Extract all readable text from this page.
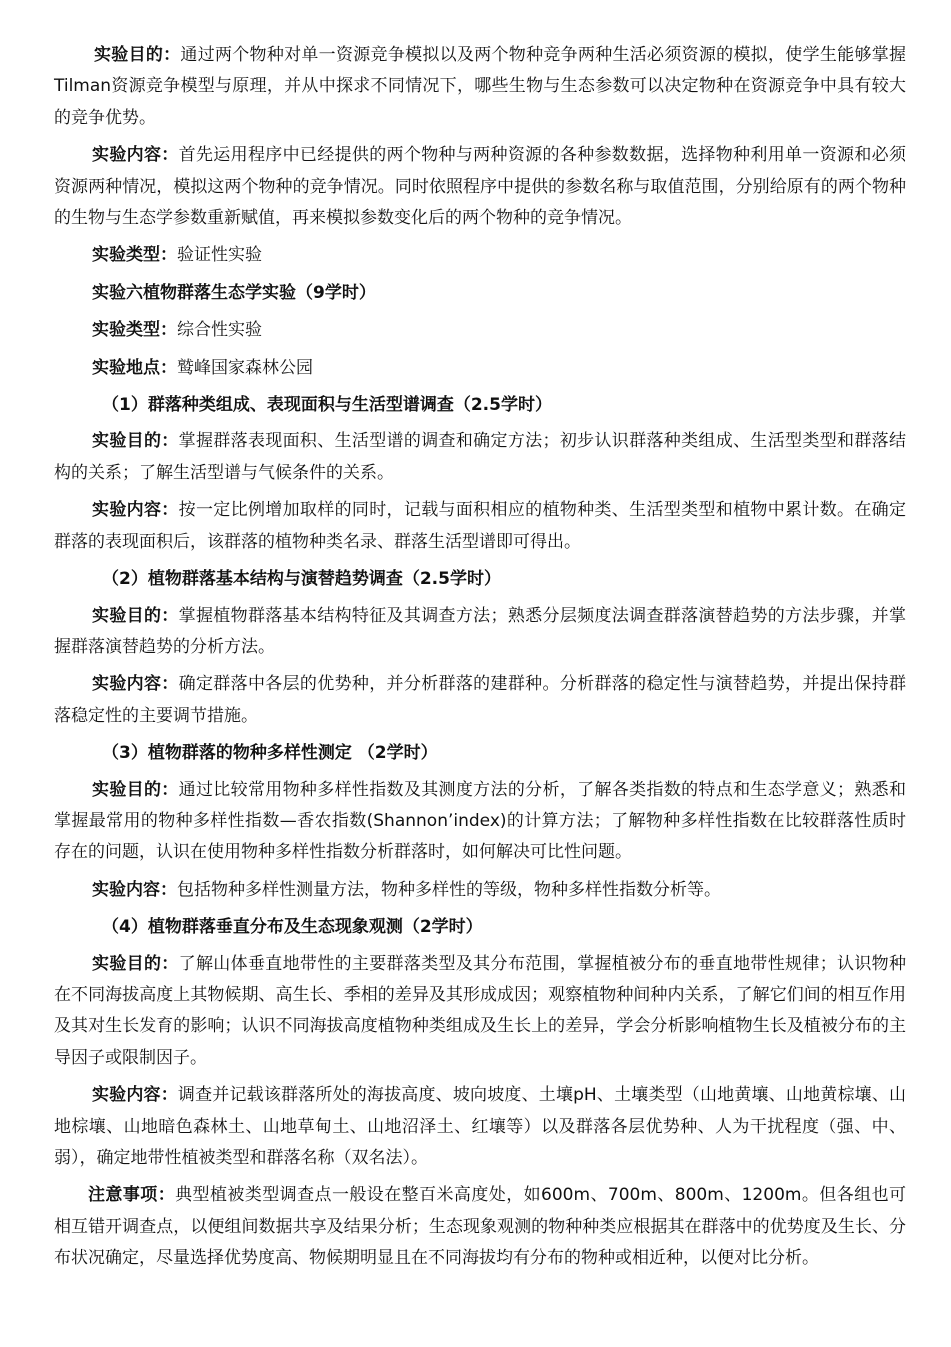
实验目的：通过两个物种对单一资源竞争模拟以及两个物种竞争两种生活必须资源的模拟，使学生能够掌握Tilman资源竞争模型与原理，并从中探求不同情况下，哪些生物与生态参数可以决定物种在资源竞争中具有较大的竞争优势。

实验内容：首先运用程序中已经提供的两个物种与两种资源的各种参数数据，选择物种利用单一资源和必须资源两种情况，模拟这两个物种的竞争情况。同时依照程序中提供的参数名称与取值范围，分别给原有的两个物种的生物与生态学参数重新赋值，再来模拟参数变化后的两个物种的竞争情况。

实验类型：验证性实验

实验六植物群落生态学实验（9学时）

实验类型：综合性实验

实验地点：鹫峰国家森林公园

（1）群落种类组成、表现面积与生活型谱调查（2.5学时）

实验目的：掌握群落表现面积、生活型谱的调查和确定方法；初步认识群落种类组成、生活型类型和群落结构的关系；了解生活型谱与气候条件的关系。

实验内容：按一定比例增加取样的同时，记载与面积相应的植物种类、生活型类型和植物中累计数。在确定群落的表现面积后，该群落的植物种类名录、群落生活型谱即可得出。

（2）植物群落基本结构与演替趋势调查（2.5学时）

实验目的：掌握植物群落基本结构特征及其调查方法；熟悉分层频度法调查群落演替趋势的方法步骤，并掌握群落演替趋势的分析方法。

实验内容：确定群落中各层的优势种，并分析群落的建群种。分析群落的稳定性与演替趋势，并提出保持群落稳定性的主要调节措施。

（3）植物群落的物种多样性测定 （2学时）

实验目的：通过比较常用物种多样性指数及其测度方法的分析，了解各类指数的特点和生态学意义；熟悉和掌握最常用的物种多样性指数—香农指数(Shannon’index)的计算方法；了解物种多样性指数在比较群落性质时存在的问题，认识在使用物种多样性指数分析群落时，如何解决可比性问题。

实验内容：包括物种多样性测量方法，物种多样性的等级，物种多样性指数分析等。

（4）植物群落垂直分布及生态现象观测（2学时）

实验目的：了解山体垂直地带性的主要群落类型及其分布范围，掌握植被分布的垂直地带性规律；认识物种在不同海拔高度上其物候期、高生长、季相的差异及其形成成因；观察植物种间种内关系，了解它们间的相互作用及其对生长发育的影响；认识不同海拔高度植物种类组成及生长上的差异，学会分析影响植物生长及植被分布的主导因子或限制因子。

实验内容：调查并记载该群落所处的海拔高度、坡向坡度、土壤pH、土壤类型（山地黄壤、山地黄棕壤、山地棕壤、山地暗色森林土、山地草甸土、山地沼泽土、红壤等）以及群落各层优势种、人为干扰程度（强、中、弱），确定地带性植被类型和群落名称（双名法）。

注意事项：典型植被类型调查点一般设在整百米高度处，如600m、700m、800m、1200m。但各组也可相互错开调查点，以便组间数据共享及结果分析；生态现象观测的物种种类应根据其在群落中的优势度及生长、分布状况确定，尽量选择优势度高、物候期明显且在不同海拔均有分布的物种或相近种，以便对比分析。
